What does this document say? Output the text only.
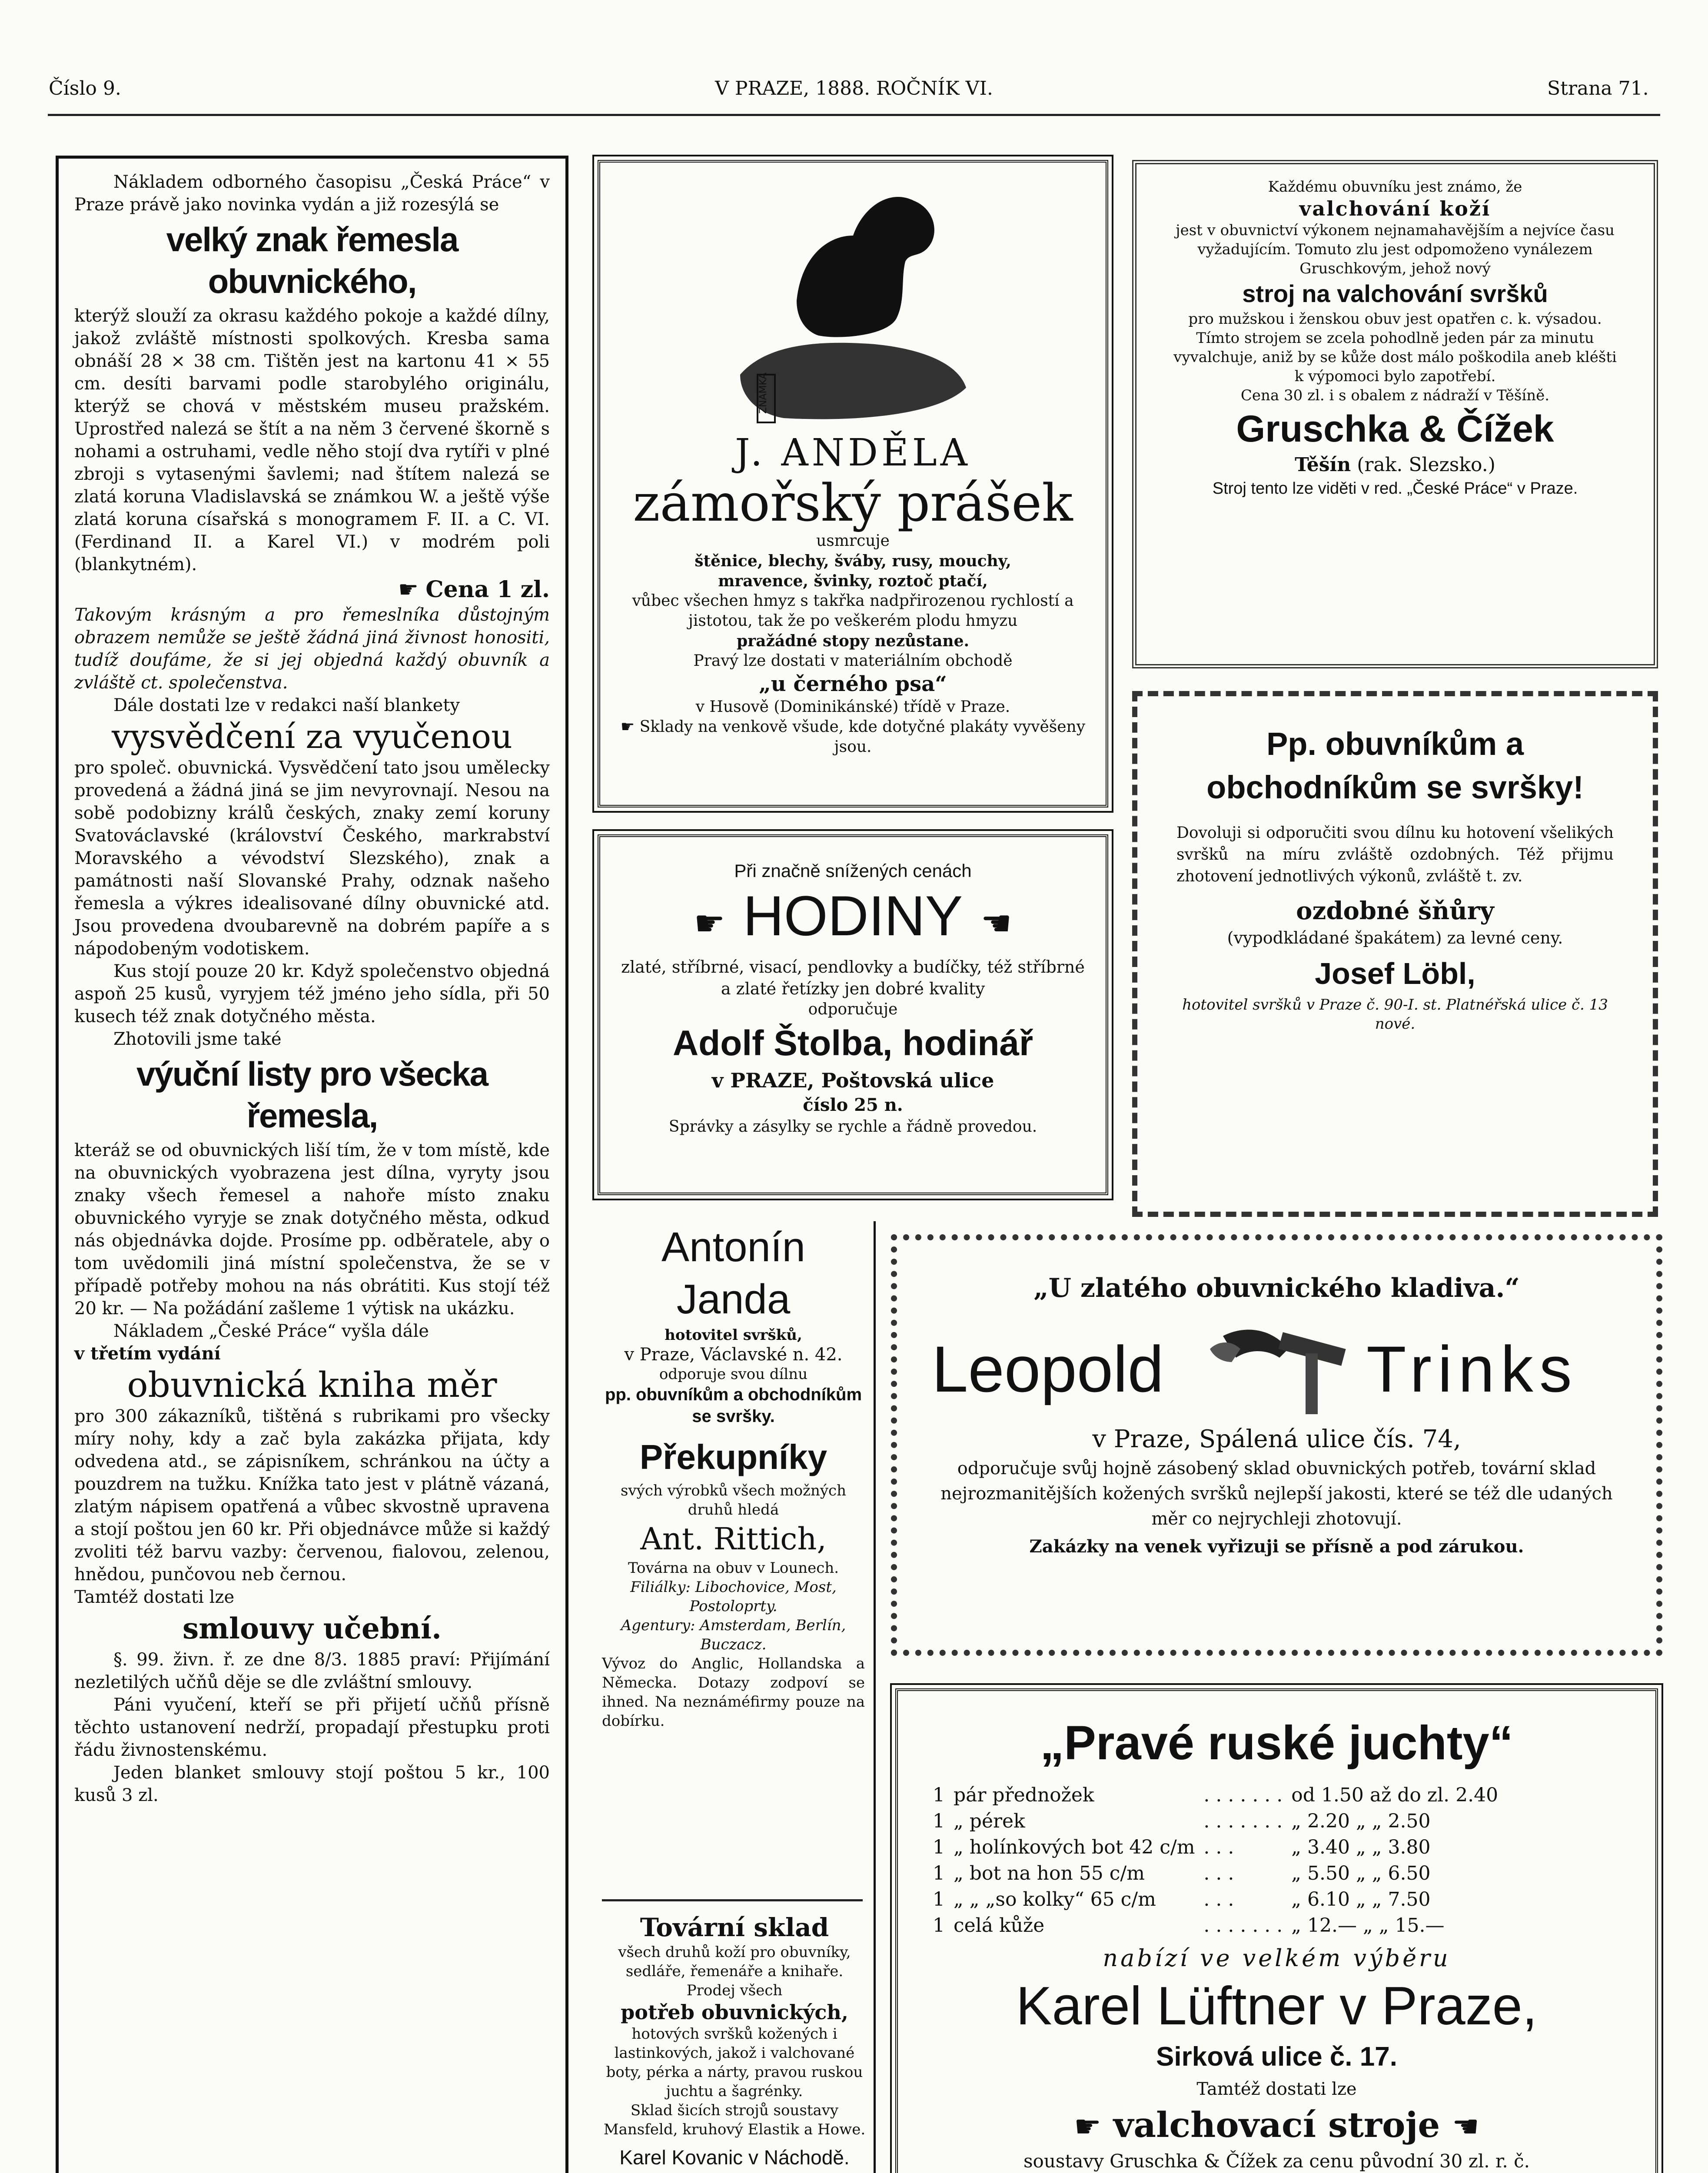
Číslo 9.	V PRAZE, 1888. ROČNÍK VI.	Strana 71.

Nákladem odborného časopisu „Česká Práce“ v Praze právě jako novinka vydán a již rozesýlá se

velký znak řemesla obuvnického,

kterýž slouží za okrasu každého pokoje a každé dílny, jakož zvláště místnosti spolkových. Kresba sama obnáší 28 × 38 cm. Tištěn jest na kartonu 41 × 55 cm. desíti barvami podle starobylého originálu, kterýž se chová v městském museu pražském. Uprostřed nalezá se štít a na něm 3 červené škorně s nohami a ostruhami, vedle něho stojí dva rytíři v plné zbroji s vytasenými šavlemi; nad štítem nalezá se zlatá koruna Vladislavská se známkou W. a ještě výše zlatá koruna císařská s monogramem F. II. a C. VI. (Ferdinand II. a Karel VI.) v modrém poli (blankytném).

☛ Cena 1 zl.

Takovým krásným a pro řemeslníka důstojným obrazem nemůže se ještě žádná jiná živnost honositi, tudíž doufáme, že si jej objedná každý obuvník a zvláště ct. společenstva.

Dále dostati lze v redakci naší blankety

vysvědčení za vyučenou

pro společ. obuvnická. Vysvědčení tato jsou umělecky provedená a žádná jiná se jim nevyrovnají. Nesou na sobě podobizny králů českých, znaky zemí koruny Svatováclavské (království Českého, markrabství Moravského a vévodství Slezského), znak a památnosti naší Slovanské Prahy, odznak našeho řemesla a výkres idealisované dílny obuvnické atd. Jsou provedena dvoubarevně na dobrém papíře a s nápodobeným vodotiskem.

Kus stojí pouze 20 kr. Když společenstvo objedná aspoň 25 kusů, vyryjem též jméno jeho sídla, při 50 kusech též znak dotyčného města.

Zhotovili jsme také

výuční listy pro všecka řemesla,

kteráž se od obuvnických liší tím, že v tom místě, kde na obuvnických vyobrazena jest dílna, vyryty jsou znaky všech řemesel a nahoře místo znaku obuvnického vyryje se znak dotyčného města, odkud nás objednávka dojde. Prosíme pp. odběratele, aby o tom uvědomili jiná místní společenstva, že se v případě potřeby mohou na nás obrátiti. Kus stojí též 20 kr. — Na požádání zašleme 1 výtisk na ukázku.

Nákladem „České Práce“ vyšla dále

v třetím vydání

obuvnická kniha měr

pro 300 zákazníků, tištěná s rubrikami pro všecky míry nohy, kdy a zač byla zakázka přijata, kdy odvedena atd., se zápisníkem, schránkou na účty a pouzdrem na tužku. Knížka tato jest v plátně vázaná, zlatým nápisem opatřená a vůbec skvostně upravena a stojí poštou jen 60 kr. Při objednávce může si každý zvoliti též barvu vazby: červenou, fialovou, zelenou, hnědou, punčovou neb černou.

Tamtéž dostati lze

smlouvy učební.

§. 99. živn. ř. ze dne 8/3. 1885 praví: Přijímání nezletilých učňů děje se dle zvláštní smlouvy.

Páni vyučení, kteří se při přijetí učňů přísně těchto ustanovení nedrží, propadají přestupku proti řádu živnostenskému.

Jeden blanket smlouvy stojí poštou 5 kr., 100 kusů 3 zl.

ZNÁMKA
J. ANDĚLA
zámořský prášek
usmrcuje
štěnice, blechy, šváby, rusy, mouchy,
mravence, švinky, roztoč ptačí,
vůbec všechen hmyz s takřka nadpřirozenou rychlostí a jistotou, tak že po veškerém plodu hmyzu
pražádné stopy nezůstane.
Pravý lze dostati v materiálním obchodě
„u černého psa“
v Husově (Dominikánské) třídě v Praze.
☛ Sklady na venkově všude, kde dotyčné plakáty vyvěšeny jsou.
Každému obuvníku jest známo, že
valchování koží
jest v obuvnictví výkonem nejnamahavějším a nejvíce času vyžadujícím. Tomuto zlu jest odpomoženo vynálezem Gruschkovým, jehož nový
stroj na valchování svršků
pro mužskou i ženskou obuv jest opatřen c. k. výsadou. Tímto strojem se zcela pohodlně jeden pár za minutu vyvalchuje, aniž by se kůže dost málo poškodila aneb kléšti k výpomoci bylo zapotřebí.
Cena 30 zl. i s obalem z nádraží v Těšíně.
Gruschka & Čížek
Těšín (rak. Slezsko.)
Stroj tento lze viděti v red. „České Práce“ v Praze.
Pp. obuvníkům a obchodníkům se svršky!
Dovoluji si odporučiti svou dílnu ku hotovení všelikých svršků na míru zvláště ozdobných. Též přijmu zhotovení jednotlivých výkonů, zvláště t. zv.
ozdobné šňůry
(vypodkládané špakátem) za levné ceny.
Josef Löbl,
hotovitel svršků v Praze č. 90-I. st. Platnéřská ulice č. 13 nové.
Při značně snížených cenách
☛ HODINY ☚
zlaté, stříbrné, visací, pendlovky a budíčky, též stříbrné a zlaté řetízky jen dobré kvality
odporučuje
Adolf Štolba, hodinář
v PRAZE, Poštovská ulice
číslo 25 n.
Správky a zásylky se rychle a řádně provedou.
Antonín Janda
hotovitel svršků,
v Praze, Václavské n. 42.
odporuje svou dílnu
pp. obuvníkům a obchodníkům se svršky.
Překupníky
svých výrobků všech možných druhů hledá
Ant. Rittich,
Továrna na obuv v Lounech.
Filiálky: Libochovice, Most, Postoloprty.
Agentury: Amsterdam, Berlín, Buczacz.
Vývoz do Anglic, Hollandska a Německa. Dotazy zodpoví se ihned. Na neznáméfirmy pouze na dobírku.
Tovární sklad
všech druhů koží pro obuvníky, sedláře, řemenáře a knihaře.
Prodej všech
potřeb obuvnických,
hotových svršků kožených i lastinkových, jakož i valchované boty, pérka a nárty, pravou ruskou juchtu a šagrénky.
Sklad šicích strojů soustavy Mansfeld, kruhový Elastik a Howe.
Karel Kovanic v Náchodě.
„U zlatého obuvnického kladiva.“
Leopold	Trinks
v Praze, Spálená ulice čís. 74,
odporučuje svůj hojně zásobený sklad obuvnických potřeb, tovární sklad nejrozmanitějších kožených svršků nejlepší jakosti, které se též dle udaných měr co nejrychleji zhotovují.
Zakázky na venek vyřizuji se přísně a pod zárukou.
„Pravé ruské juchty“
1	pár přednožek	. . . . . . .	od 1.50 až do zl. 2.40
1	„ pérek	. . . . . . .	„ 2.20 „ „ 2.50
1	„ holínkových bot 42 c/m	. . .	„ 3.40 „ „ 3.80
1	„ bot na hon 55 c/m	. . .	„ 5.50 „ „ 6.50
1	„ „ „so kolky“ 65 c/m	. . .	„ 6.10 „ „ 7.50
1	celá kůže	. . . . . . .	„ 12.— „ „ 15.—
nabízí ve velkém výběru
Karel Lüftner v Praze,
Sirková ulice č. 17.
Tamtéž dostati lze
☛ valchovací stroje ☚
soustavy Gruschka & Čížek za cenu původní 30 zl. r. č.
